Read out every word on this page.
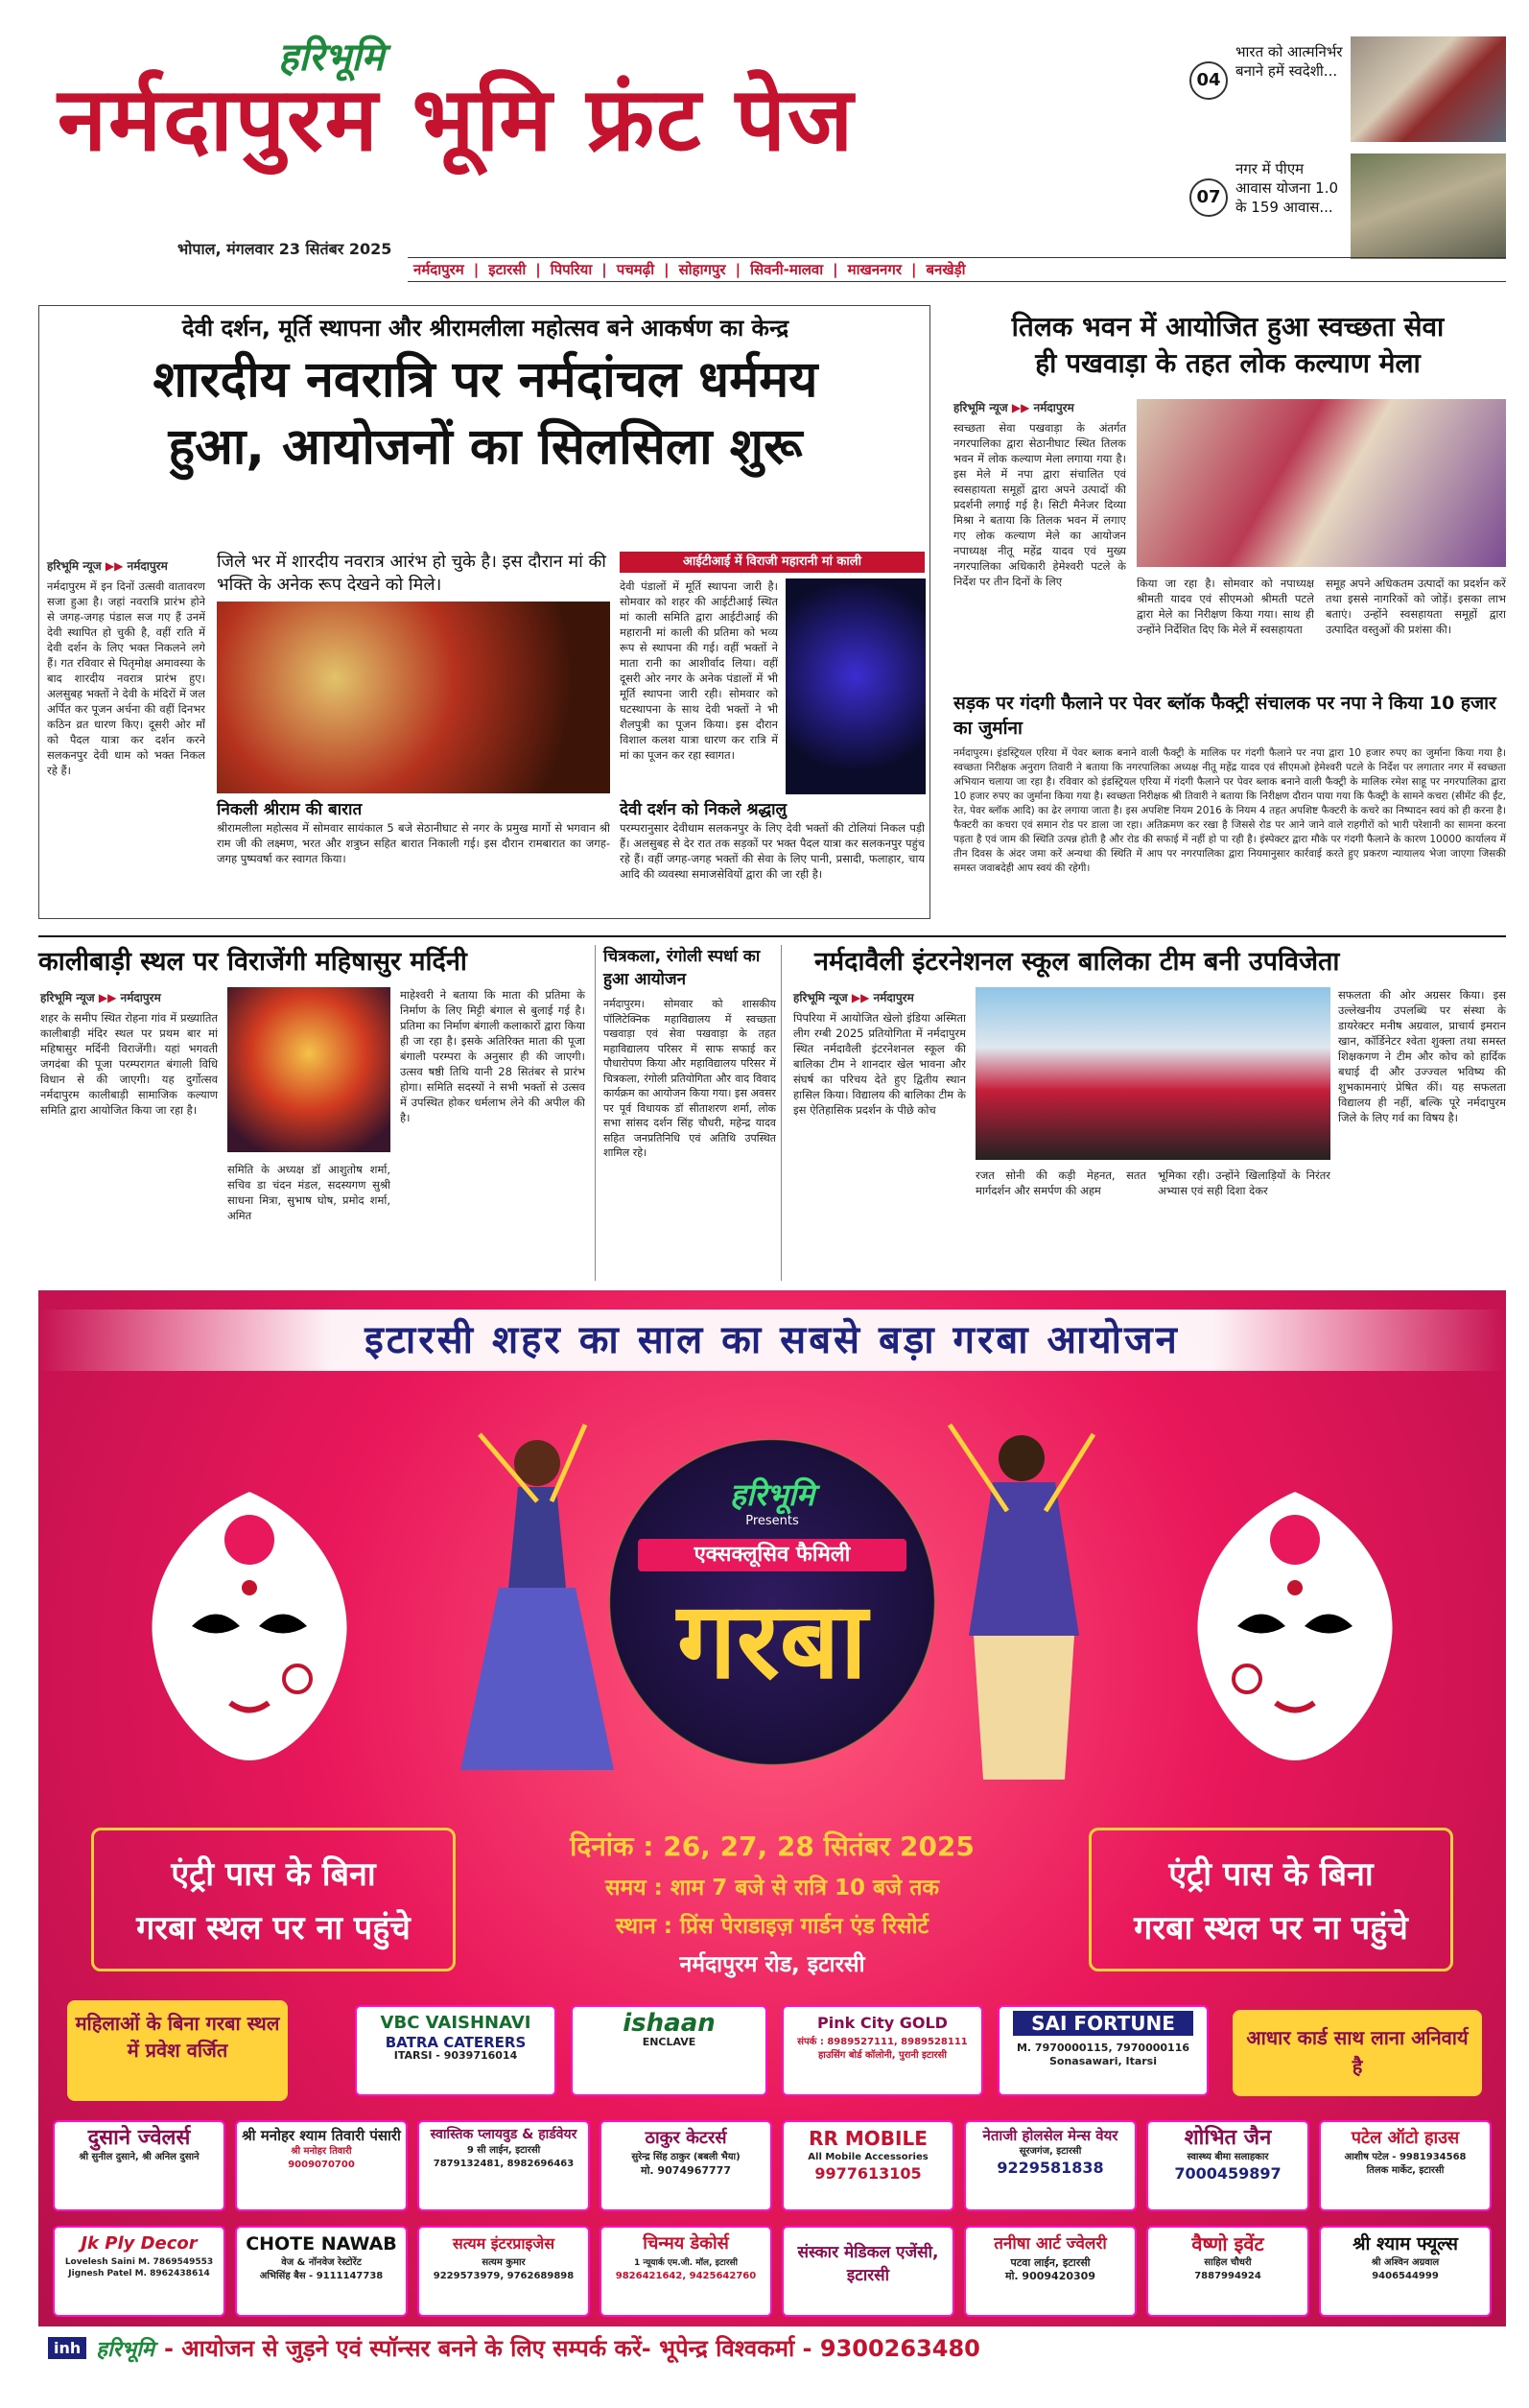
हरिभूमि
नर्मदापुरम भूमि फ्रंट पेज
भोपाल, मंगलवार 23 सितंबर 2025
04
भारत को आत्मनिर्भर बनाने हमें स्वदेशी...
07
नगर में पीएम आवास योजना 1.0 के 159 आवास...
नर्मदापुरम | इटारसी | पिपरिया | पचमढ़ी | सोहागपुर | सिवनी-मालवा | माखननगर | बनखेड़ी
देवी दर्शन, मूर्ति स्थापना और श्रीरामलीला महोत्सव बने आकर्षण का केन्द्र
शारदीय नवरात्रि पर नर्मदांचल धर्ममय
हुआ, आयोजनों का सिलसिला शुरू
हरिभूमि न्यूज ▶▶ नर्मदापुरम
नर्मदापुरम में इन दिनों उत्सवी वातावरण सजा हुआ है। जहां नवरात्रि प्रारंभ होने से जगह-जगह पंडाल सज गए हैं उनमें देवी स्थापित हो चुकी है, वहीं राति में देवी दर्शन के लिए भक्त निकलने लगे हैं। गत रविवार से पितृमोक्ष अमावस्या के बाद शारदीय नवरात्र प्रारंभ हुए। अलसुबह भक्तों ने देवी के मंदिरों में जल अर्पित कर पूजन अर्चना की वहीं दिनभर कठिन व्रत धारण किए। दूसरी ओर माँ को पैदल यात्रा कर दर्शन करने सलकनपुर देवी धाम को भक्त निकल रहे हैं।
जिले भर में शारदीय नवरात्र आरंभ हो चुके है। इस दौरान मां की भक्ति के अनेक रूप देखने को मिले।
निकली श्रीराम की बारात
श्रीरामलीला महोत्सव में सोमवार सायंकाल 5 बजे सेठानीघाट से नगर के प्रमुख मार्गो से भगवान श्री राम जी की लक्ष्मण, भरत और शत्रुघ्न सहित बारात निकाली गई। इस दौरान रामबारात का जगह-जगह पुष्पवर्षा कर स्वागत किया।
आईटीआई में विराजी महारानी मां काली
देवी पंडालों में मूर्ति स्थापना जारी है। सोमवार को शहर की आईटीआई स्थित मां काली समिति द्वारा आईटीआई की महारानी मां काली की प्रतिमा को भव्य रूप से स्थापना की गई। वहीं भक्तों ने माता रानी का आशीर्वाद लिया। वहीं दूसरी ओर नगर के अनेक पंडालों में भी मूर्ति स्थापना जारी रही। सोमवार को घटस्थापना के साथ देवी भक्तों ने भी शैलपुत्री का पूजन किया। इस दौरान विशाल कलश यात्रा धारण कर रात्रि में मां का पूजन कर रहा स्वागत।
देवी दर्शन को निकले श्रद्धालु
परम्परानुसार देवीधाम सलकनपुर के लिए देवी भक्तों की टोलियां निकल पड़ी हैं। अलसुबह से देर रात तक सड़कों पर भक्त पैदल यात्रा कर सलकनपुर पहुंच रहे हैं। वहीं जगह-जगह भक्तों की सेवा के लिए पानी, प्रसादी, फलाहार, चाय आदि की व्यवस्था समाजसेवियों द्वारा की जा रही है।
तिलक भवन में आयोजित हुआ स्वच्छता सेवा
ही पखवाड़ा के तहत लोक कल्याण मेला
हरिभूमि न्यूज ▶▶ नर्मदापुरम
स्वच्छता सेवा पखवाड़ा के अंतर्गत नगरपालिका द्वारा सेठानीघाट स्थित तिलक भवन में लोक कल्याण मेला लगाया गया है। इस मेले में नपा द्वारा संचालित एवं स्वसहायता समूहों द्वारा अपने उत्पादों की प्रदर्शनी लगाई गई है। सिटी मैनेजर दिव्या मिश्रा ने बताया कि तिलक भवन में लगाए गए लोक कल्याण मेले का आयोजन नपाध्यक्ष नीतू महेंद्र यादव एवं मुख्य नगरपालिका अधिकारी हेमेश्वरी पटले के निर्देश पर तीन दिनों के लिए	किया जा रहा है। सोमवार को नपाध्यक्ष श्रीमती यादव एवं सीएमओ श्रीमती पटले द्वारा मेले का निरीक्षण किया गया। साथ ही उन्होंने निर्देशित दिए कि मेले में स्वसहायता
समूह अपने अधिकतम उत्पादों का प्रदर्शन करें तथा इससे नागरिकों को जोड़ें। इसका लाभ बताएं। उन्होंने स्वसहायता समूहों द्वारा उत्पादित वस्तुओं की प्रशंसा की।
सड़क पर गंदगी फैलाने पर पेवर ब्लॉक फैक्ट्री संचालक पर नपा ने किया 10 हजार का जुर्माना
नर्मदापुरम। इंडस्ट्रियल एरिया में पेवर ब्लाक बनाने वाली फैक्ट्री के मालिक पर गंदगी फैलाने पर नपा द्वारा 10 हजार रुपए का जुर्माना किया गया है। स्वच्छता निरीक्षक अनुराग तिवारी ने बताया कि नगरपालिका अध्यक्ष नीतू महेंद्र यादव एवं सीएमओ हेमेश्वरी पटले के निर्देश पर लगातार नगर में स्वच्छता अभियान चलाया जा रहा है। रविवार को इंडस्ट्रियल एरिया में गंदगी फैलाने पर पेवर ब्लाक बनाने वाली फैक्ट्री के मालिक रमेश साहू पर नगरपालिका द्वारा 10 हजार रुपए का जुर्माना किया गया है। स्वच्छता निरीक्षक श्री तिवारी ने बताया कि निरीक्षण दौरान पाया गया कि फैक्ट्री के सामने कचरा (सीमेंट की ईंट, रेत, पेवर ब्लॉक आदि) का ढेर लगाया जाता है। इस अपशिष्ट नियम 2016 के नियम 4 तहत अपशिष्ट फैक्टरी के कचरे का निष्पादन स्वयं को ही करना है। फैक्टरी का कचरा एवं समान रोड पर डाला जा रहा। अतिक्रमण कर रखा है जिससे रोड पर आने जाने वाले राहगीरों को भारी परेशानी का सामना करना पड़ता है एवं जाम की स्थिति उत्पन्न होती है और रोड की सफाई में नहीं हो पा रही है। इंस्पेक्टर द्वारा मौके पर गंदगी फैलाने के कारण 10000 कार्यालय में तीन दिवस के अंदर जमा करें अन्यथा की स्थिति में आप पर नगरपालिका द्वारा नियमानुसार कार्रवाई करते हुए प्रकरण न्यायालय भेजा जाएगा जिसकी समस्त जवाबदेही आप स्वयं की रहेगी।
कालीबाड़ी स्थल पर विराजेंगी महिषासुर मर्दिनी
हरिभूमि न्यूज ▶▶ नर्मदापुरम
शहर के समीप स्थित रोहना गांव में प्रख्यातित कालीबाड़ी मंदिर स्थल पर प्रथम बार मां महिषासुर मर्दिनी विराजेंगी। यहां भगवती जगदंबा की पूजा परम्परागत बंगाली विधि विधान से की जाएगी। यह दुर्गोत्सव नर्मदापुरम कालीबाड़ी सामाजिक कल्याण समिति द्वारा आयोजित किया जा रहा है।
समिति के अध्यक्ष डॉ आशुतोष शर्मा, सचिव डा चंदन मंडल, सदस्यगण सुश्री साधना मित्रा, सुभाष घोष, प्रमोद शर्मा, अमित
माहेश्वरी ने बताया कि माता की प्रतिमा के निर्माण के लिए मिट्टी बंगाल से बुलाई गई है। प्रतिमा का निर्माण बंगाली कलाकारों द्वारा किया ही जा रहा है। इसके अतिरिक्त माता की पूजा बंगाली परम्परा के अनुसार ही की जाएगी। उत्सव षष्ठी तिथि यानी 28 सितंबर से प्रारंभ होगा। समिति सदस्यों ने सभी भक्तों से उत्सव में उपस्थित होकर धर्मलाभ लेने की अपील की है।
चित्रकला, रंगोली स्पर्धा का हुआ आयोजन
नर्मदापुरम। सोमवार को शासकीय पॉलिटेक्निक महाविद्यालय में स्वच्छता पखवाड़ा एवं सेवा पखवाड़ा के तहत महाविद्यालय परिसर में साफ सफाई कर पौधारोपण किया और महाविद्यालय परिसर में चित्रकला, रंगोली प्रतियोगिता और वाद विवाद कार्यक्रम का आयोजन किया गया। इस अवसर पर पूर्व विधायक डॉ सीताशरण शर्मा, लोक सभा सांसद दर्शन सिंह चौधरी, महेन्द्र यादव सहित जनप्रतिनिधि एवं अतिथि उपस्थित शामिल रहे।
नर्मदावैली इंटरनेशनल स्कूल बालिका टीम बनी उपविजेता
हरिभूमि न्यूज ▶▶ नर्मदापुरम
पिपरिया में आयोजित खेलो इंडिया अस्मिता लीग रग्बी 2025 प्रतियोगिता में नर्मदापुरम स्थित नर्मदावैली इंटरनेशनल स्कूल की बालिका टीम ने शानदार खेल भावना और संघर्ष का परिचय देते हुए द्वितीय स्थान हासिल किया। विद्यालय की बालिका टीम के इस ऐतिहासिक प्रदर्शन के पीछे कोच
रजत सोनी की कड़ी मेहनत, सतत मार्गदर्शन और समर्पण की अहम
भूमिका रही। उन्होंने खिलाड़ियों के निरंतर अभ्यास एवं सही दिशा देकर
सफलता की ओर अग्रसर किया। इस उल्लेखनीय उपलब्धि पर संस्था के डायरेक्टर मनीष अग्रवाल, प्राचार्य इमरान खान, कॉर्डिनेटर श्वेता शुक्ला तथा समस्त शिक्षकगण ने टीम और कोच को हार्दिक बधाई दी और उज्ज्वल भविष्य की शुभकामनाएं प्रेषित कीं। यह सफलता विद्यालय ही नहीं, बल्कि पूरे नर्मदापुरम जिले के लिए गर्व का विषय है।
इटारसी शहर का साल का सबसे बड़ा गरबा आयोजन
हरिभूमि
Presents
एक्सक्लूसिव फैमिली
गरबा
दिनांक : 26, 27, 28 सितंबर 2025
समय : शाम 7 बजे से रात्रि 10 बजे तक
स्थान : प्रिंस पेराडाइज़ गार्डन एंड रिसोर्ट
नर्मदापुरम रोड, इटारसी
एंट्री पास के बिना
गरबा स्थल पर ना पहुंचे
एंट्री पास के बिना
गरबा स्थल पर ना पहुंचे
महिलाओं के बिना गरबा स्थल में प्रवेश वर्जित
आधार कार्ड साथ लाना अनिवार्य है
VBC VAISHNAVI
BATRA CATERERS
ITARSI - 9039716014
ishaan
ENCLAVE
Pink City GOLD
संपर्क : 8989527111, 8989528111
हाउसिंग बोर्ड कॉलोनी, पुरानी इटारसी
SAI FORTUNE
M. 7970000115, 7970000116
Sonasawari, Itarsi
दुसाने ज्वेलर्स
श्री सुनील दुसाने, श्री अनिल दुसाने
श्री मनोहर श्याम तिवारी पंसारी
श्री मनोहर तिवारी
9009070700
स्वास्तिक प्लायवुड & हार्डवेयर
9 सी लाईन, इटारसी
7879132481, 8982696463
ठाकुर केटरर्स
सुरेन्द्र सिंह ठाकुर (बबली भैया)
मो. 9074967777
RR MOBILE
All Mobile Accessories
9977613105
नेताजी होलसेल मेन्स वेयर
सूरजगंज, इटारसी
9229581838
शोभित जैन
स्वास्थ्य बीमा सलाहकार
7000459897
पटेल ऑटो हाउस
आशीष पटेल - 9981934568
तिलक मार्केट, इटारसी
Jk Ply Decor
Lovelesh Saini M. 7869549553 Jignesh Patel M. 8962438614
CHOTE NAWAB
वेज & नॉनवेज रेस्टोरेंट
अभिसिंह बैस - 9111147738
सत्यम इंटरप्राइजेस
सत्यम कुमार
9229573979, 9762689898
चिन्मय डेकोर्स
1 न्यूयार्क एम.जी. मॉल, इटारसी
9826421642, 9425642760
संस्कार मेडिकल एजेंसी, इटारसी
तनीषा आर्ट ज्वेलरी
पटवा लाईन, इटारसी
मो. 9009420309
वैष्णो इवेंट
साहिल चौधरी
7887994924
श्री श्याम फ्यूल्स
श्री अश्विन अग्रवाल
9406544999
inh हरिभूमि - आयोजन से जुड़ने एवं स्पॉन्सर बनने के लिए सम्पर्क करें- भूपेन्द्र विश्वकर्मा - 9300263480
